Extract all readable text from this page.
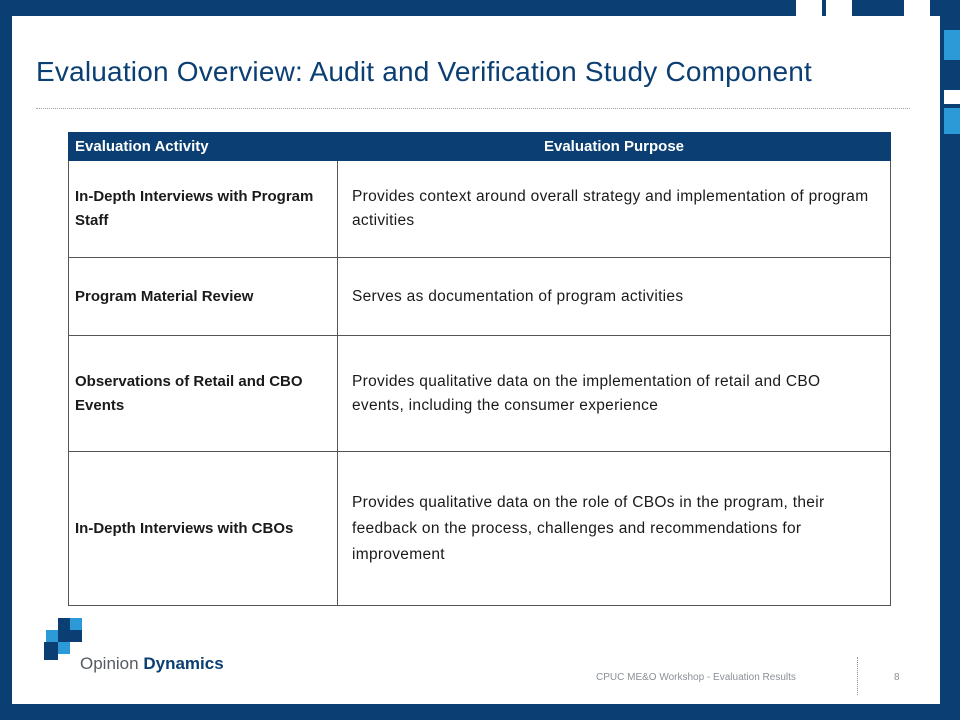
Evaluation Overview: Audit and Verification Study Component
Evaluation Activity	Evaluation Purpose
In-Depth Interviews with Program Staff	Provides context around overall strategy and implementation of program activities
Program Material Review	Serves as documentation of program activities
Observations of Retail and CBO Events	Provides qualitative data on the implementation of retail and CBO events, including the consumer experience
In-Depth Interviews with CBOs	Provides qualitative data on the role of CBOs in the program, their feedback on the process, challenges and recommendations for improvement
Opinion Dynamics
CPUC ME&O Workshop - Evaluation Results	8
